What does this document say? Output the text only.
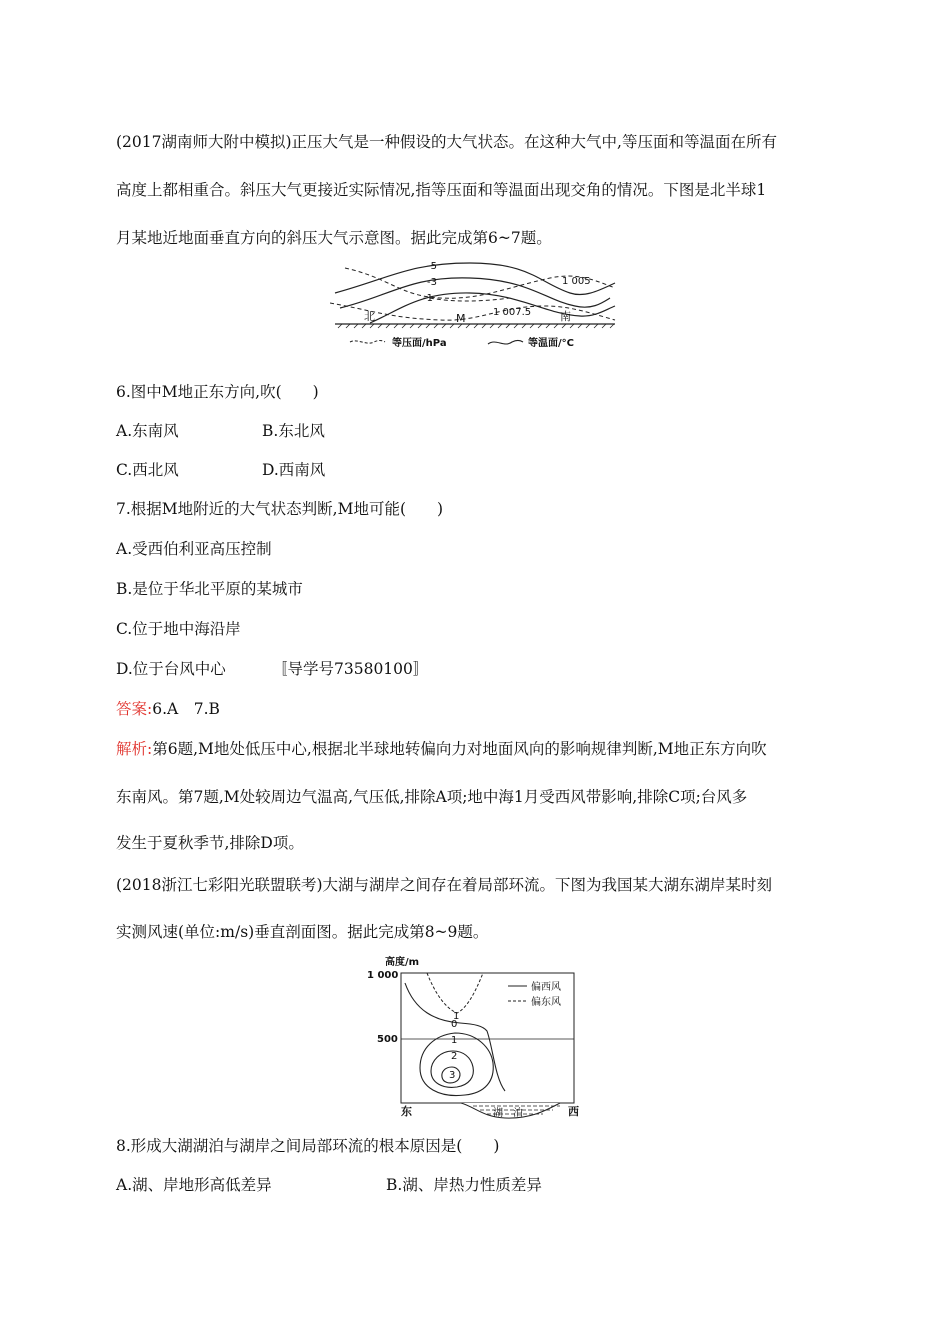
(2017湖南师大附中模拟)正压大气是一种假设的大气状态。在这种大气中,等压面和等温面在所有
高度上都相重合。斜压大气更接近实际情况,指等压面和等温面出现交角的情况。下图是北半球1
月某地近地面垂直方向的斜压大气示意图。据此完成第6~7题。
-5
-3
-1
1 005
1 007.5
北	M	南
等压面/hPa	等温面/°C
6.图中M地正东方向,吹(　　)
A.东南风	B.东北风
C.西北风	D.西南风
7.根据M地附近的大气状态判断,M地可能(　　)
A.受西伯利亚高压控制
B.是位于华北平原的某城市
C.位于地中海沿岸
D.位于台风中心	〚导学号73580100〛
答案:6.A　7.B
解析:第6题,M地处低压中心,根据北半球地转偏向力对地面风向的影响规律判断,M地正东方向吹
东南风。第7题,M处较周边气温高,气压低,排除A项;地中海1月受西风带影响,排除C项;台风多
发生于夏秋季节,排除D项。
(2018浙江七彩阳光联盟联考)大湖与湖岸之间存在着局部环流。下图为我国某大湖东湖岸某时刻
实测风速(单位:m/s)垂直剖面图。据此完成第8~9题。
高度/m
1 000
500
偏西风
偏东风
1
0
1
2
3
湖　泊
东	西
8.形成大湖湖泊与湖岸之间局部环流的根本原因是(　　)
A.湖、岸地形高低差异	B.湖、岸热力性质差异
